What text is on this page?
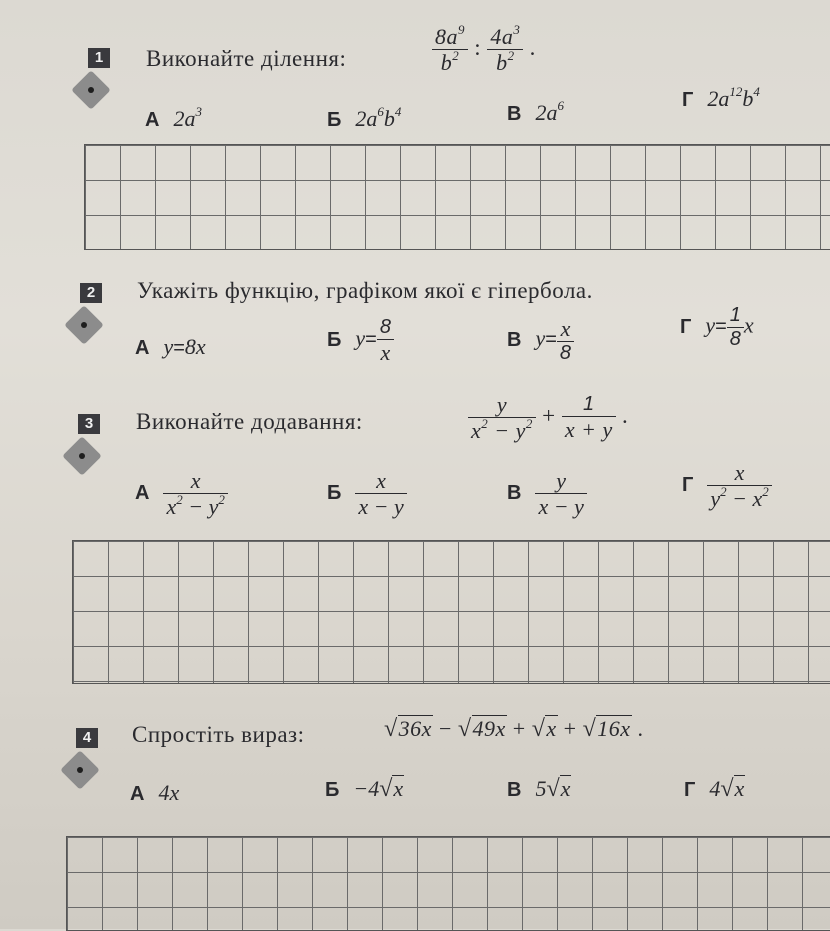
1 Виконайте ділення:	$\frac{8a^9}{b^2}$ : $\frac{4a^3}{b^2}$ .
А $2a^3$	Б $2a^6b^4$	В $2a^6$	Г $2a^{12}b^4$
2 Укажіть функцію, графіком якої є гіпербола.
А y=8x	Б $y= \frac{8}{x}$	В $y= \frac{x}{8}$	Г $y= \frac{1}{8}$ x
3 Виконайте додавання:	$\frac{y}{x^2 - y^2} + \frac{1}{x + y}$ .
А $\frac{x}{x^2 - y^2}$	Б $\frac{x}{x - y}$	В $\frac{y}{x - y}$	Г $\frac{x}{y^2 - x^2}$
4 Спростіть вираз:	√36x − √49x + √x + √16x .
А 4x	Б −4√x	В 5√x	Г 4√x
